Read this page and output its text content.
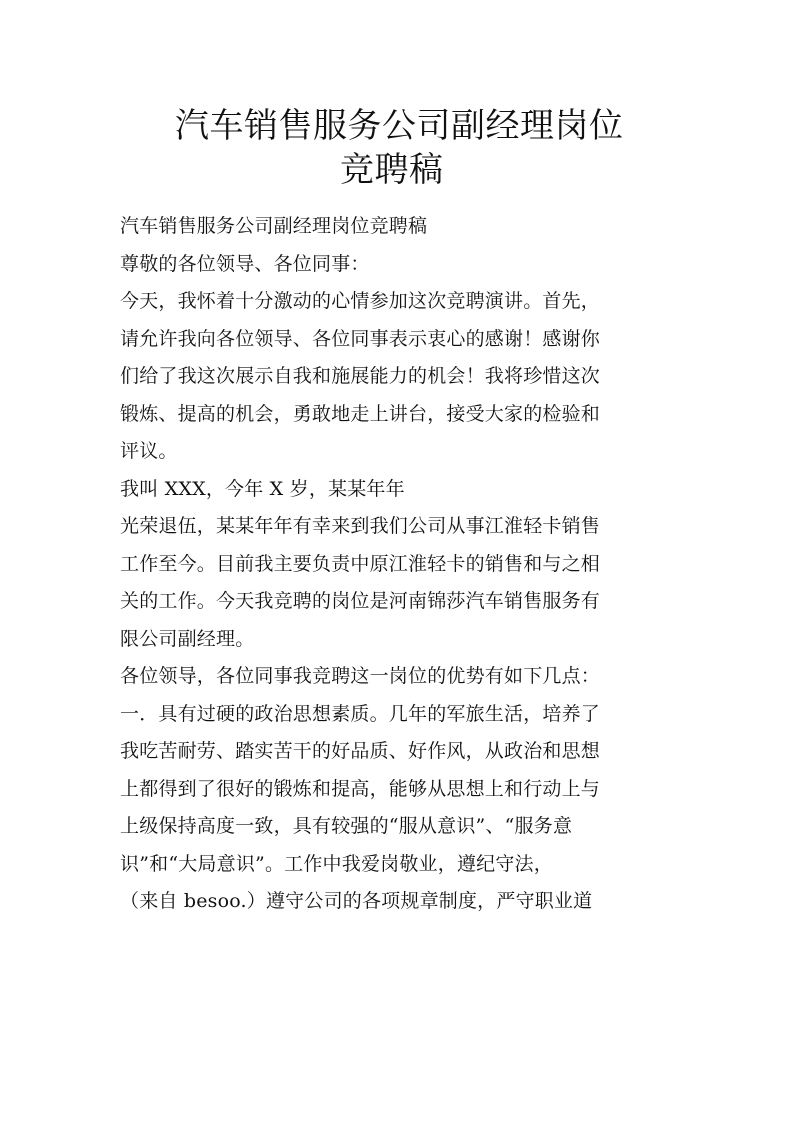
汽车销售服务公司副经理岗位
竞聘稿
汽车销售服务公司副经理岗位竞聘稿
尊敬的各位领导、各位同事：
今天，我怀着十分激动的心情参加这次竞聘演讲。首先，
请允许我向各位领导、各位同事表示衷心的感谢！感谢你
们给了我这次展示自我和施展能力的机会！我将珍惜这次
锻炼、提高的机会，勇敢地走上讲台，接受大家的检验和
评议。
我叫 XXX，今年 X 岁，某某年年
光荣退伍，某某年年有幸来到我们公司从事江淮轻卡销售
工作至今。目前我主要负责中原江淮轻卡的销售和与之相
关的工作。今天我竞聘的岗位是河南锦莎汽车销售服务有
限公司副经理。
各位领导，各位同事我竞聘这一岗位的优势有如下几点：
一．具有过硬的政治思想素质。几年的军旅生活，培养了
我吃苦耐劳、踏实苦干的好品质、好作风，从政治和思想
上都得到了很好的锻炼和提高，能够从思想上和行动上与
上级保持高度一致，具有较强的“服从意识”、“服务意
识”和“大局意识”。工作中我爱岗敬业，遵纪守法，
（来自 besoo.）遵守公司的各项规章制度，严守职业道
